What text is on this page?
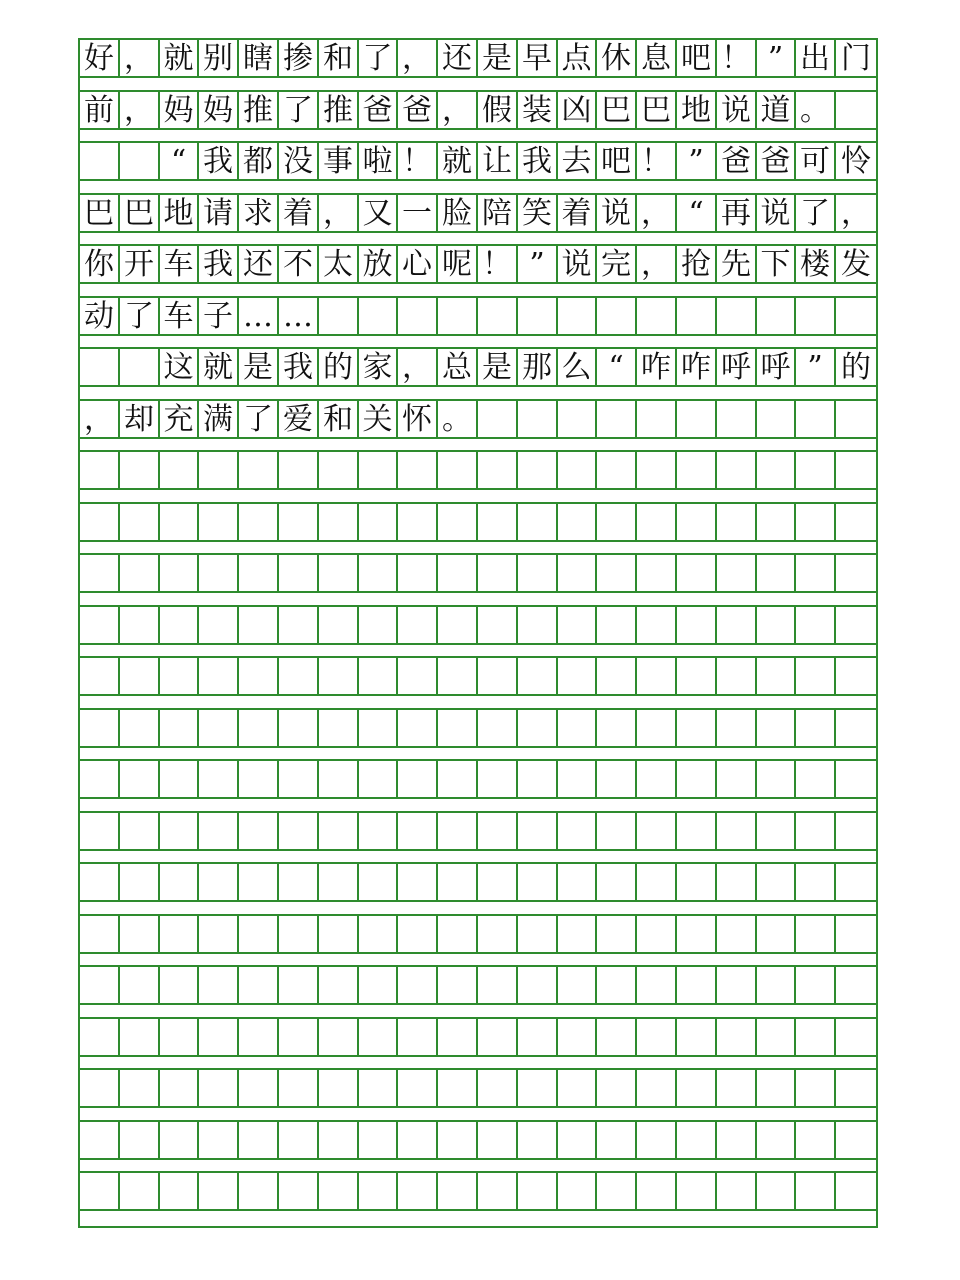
好 ， 就 别 瞎 掺 和 了 ， 还 是 早 点 休 息 吧 ！ ” 出 门
前 ， 妈 妈 推 了 推 爸 爸 ， 假 装 凶 巴 巴 地 说 道 。

“ 我 都 没 事 啦 ！ 就 让 我 去 吧 ！ ” 爸 爸 可 怜
巴 巴 地 请 求 着 ， 又 一 脸 陪 笑 着 说 ， “ 再 说 了 ，
你 开 车 我 还 不 太 放 心 呢 ！ ” 说 完 ， 抢 先 下 楼 发
动 了 车 子 … …

这 就 是 我 的 家 ， 总 是 那 么 “ 咋 咋 呼 呼 ” 的
， 却 充 满 了 爱 和 关 怀 。
